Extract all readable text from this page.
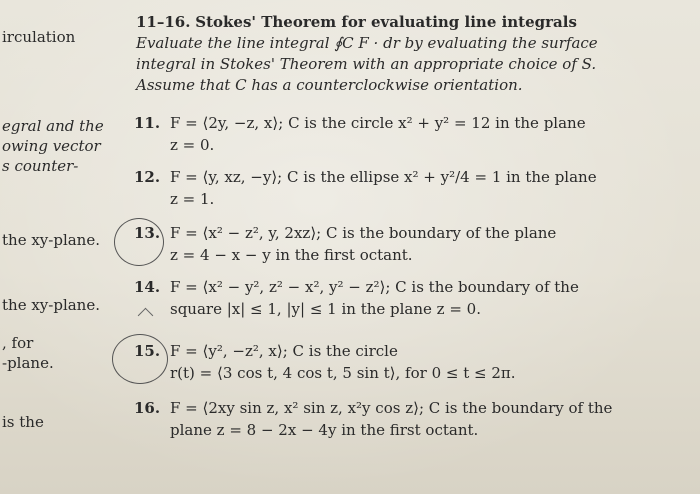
irculation
egral and the
owing vector
s counter-
the xy-plane.
the xy-plane.
, for
-plane.
is the
11–16. Stokes' Theorem for evaluating line integrals Evaluate the line integral ∮C F · dr by evaluating the surface integral in Stokes' Theorem with an appropriate choice of S. Assume that C has a counterclockwise orientation.
11. F = ⟨2y, −z, x⟩; C is the circle x² + y² = 12 in the plane
z = 0.
12. F = ⟨y, xz, −y⟩; C is the ellipse x² + y²/4 = 1 in the plane
z = 1.
13. F = ⟨x² − z², y, 2xz⟩; C is the boundary of the plane
z = 4 − x − y in the first octant.
14. F = ⟨x² − y², z² − x², y² − z²⟩; C is the boundary of the
square |x| ≤ 1, |y| ≤ 1 in the plane z = 0.
15. F = ⟨y², −z², x⟩; C is the circle
r(t) = ⟨3 cos t, 4 cos t, 5 sin t⟩, for 0 ≤ t ≤ 2π.
16. F = ⟨2xy sin z, x² sin z, x²y cos z⟩; C is the boundary of the
plane z = 8 − 2x − 4y in the first octant.
